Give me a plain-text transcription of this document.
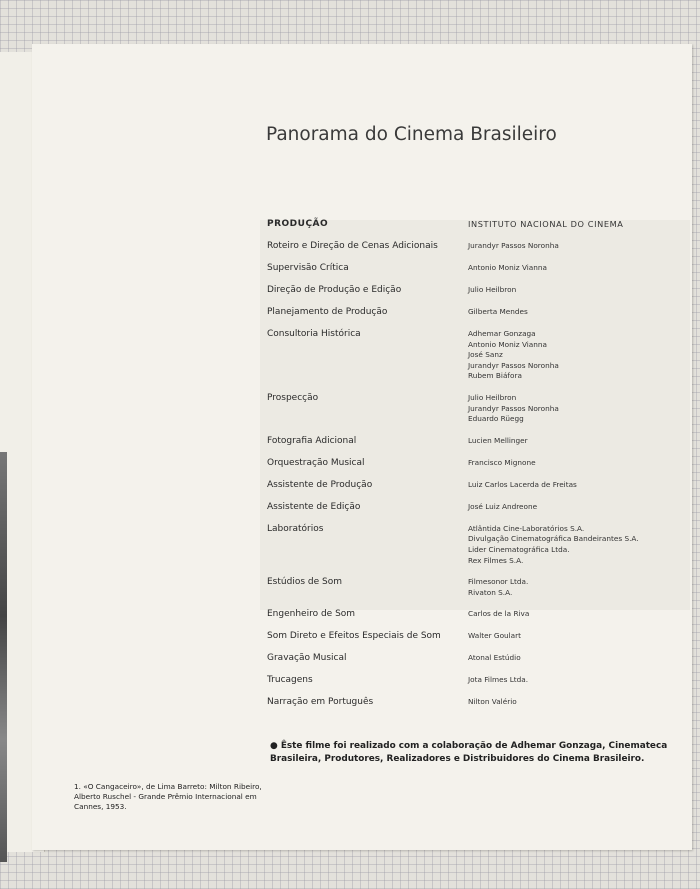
Panorama do Cinema Brasileiro
PRODUÇÃO	INSTITUTO NACIONAL DO CINEMA
Roteiro e Direção de Cenas Adicionais	Jurandyr Passos Noronha
Supervisão Crítica	Antonio Moniz Vianna
Direção de Produção e Edição	Julio Heilbron
Planejamento de Produção	Gilberta Mendes
Consultoria Histórica	Adhemar Gonzaga
Antonio Moniz Vianna
José Sanz
Jurandyr Passos Noronha
Rubem Biáfora
Prospecção	Julio Heilbron
Jurandyr Passos Noronha
Eduardo Rüegg
Fotografia Adicional	Lucien Mellinger
Orquestração Musical	Francisco Mignone
Assistente de Produção	Luiz Carlos Lacerda de Freitas
Assistente de Edição	José Luiz Andreone
Laboratórios	Atlântida Cine-Laboratórios S.A.
Divulgação Cinematográfica Bandeirantes S.A.
Lider Cinematográfica Ltda.
Rex Filmes S.A.
Estúdios de Som	Filmesonor Ltda.
Rivaton S.A.
Engenheiro de Som	Carlos de la Riva
Som Direto e Efeitos Especiais de Som	Walter Goulart
Gravação Musical	Atonal Estúdio
Trucagens	Jota Filmes Ltda.
Narração em Português	Nilton Valério
● Êste filme foi realizado com a colaboração de Adhemar Gonzaga, Cinemateca Brasileira, Produtores, Realizadores e Distribuidores do Cinema Brasileiro.
1. «O Cangaceiro», de Lima Barreto: Milton Ribeiro, Alberto Ruschel - Grande Prêmio Internacional em Cannes, 1953.
